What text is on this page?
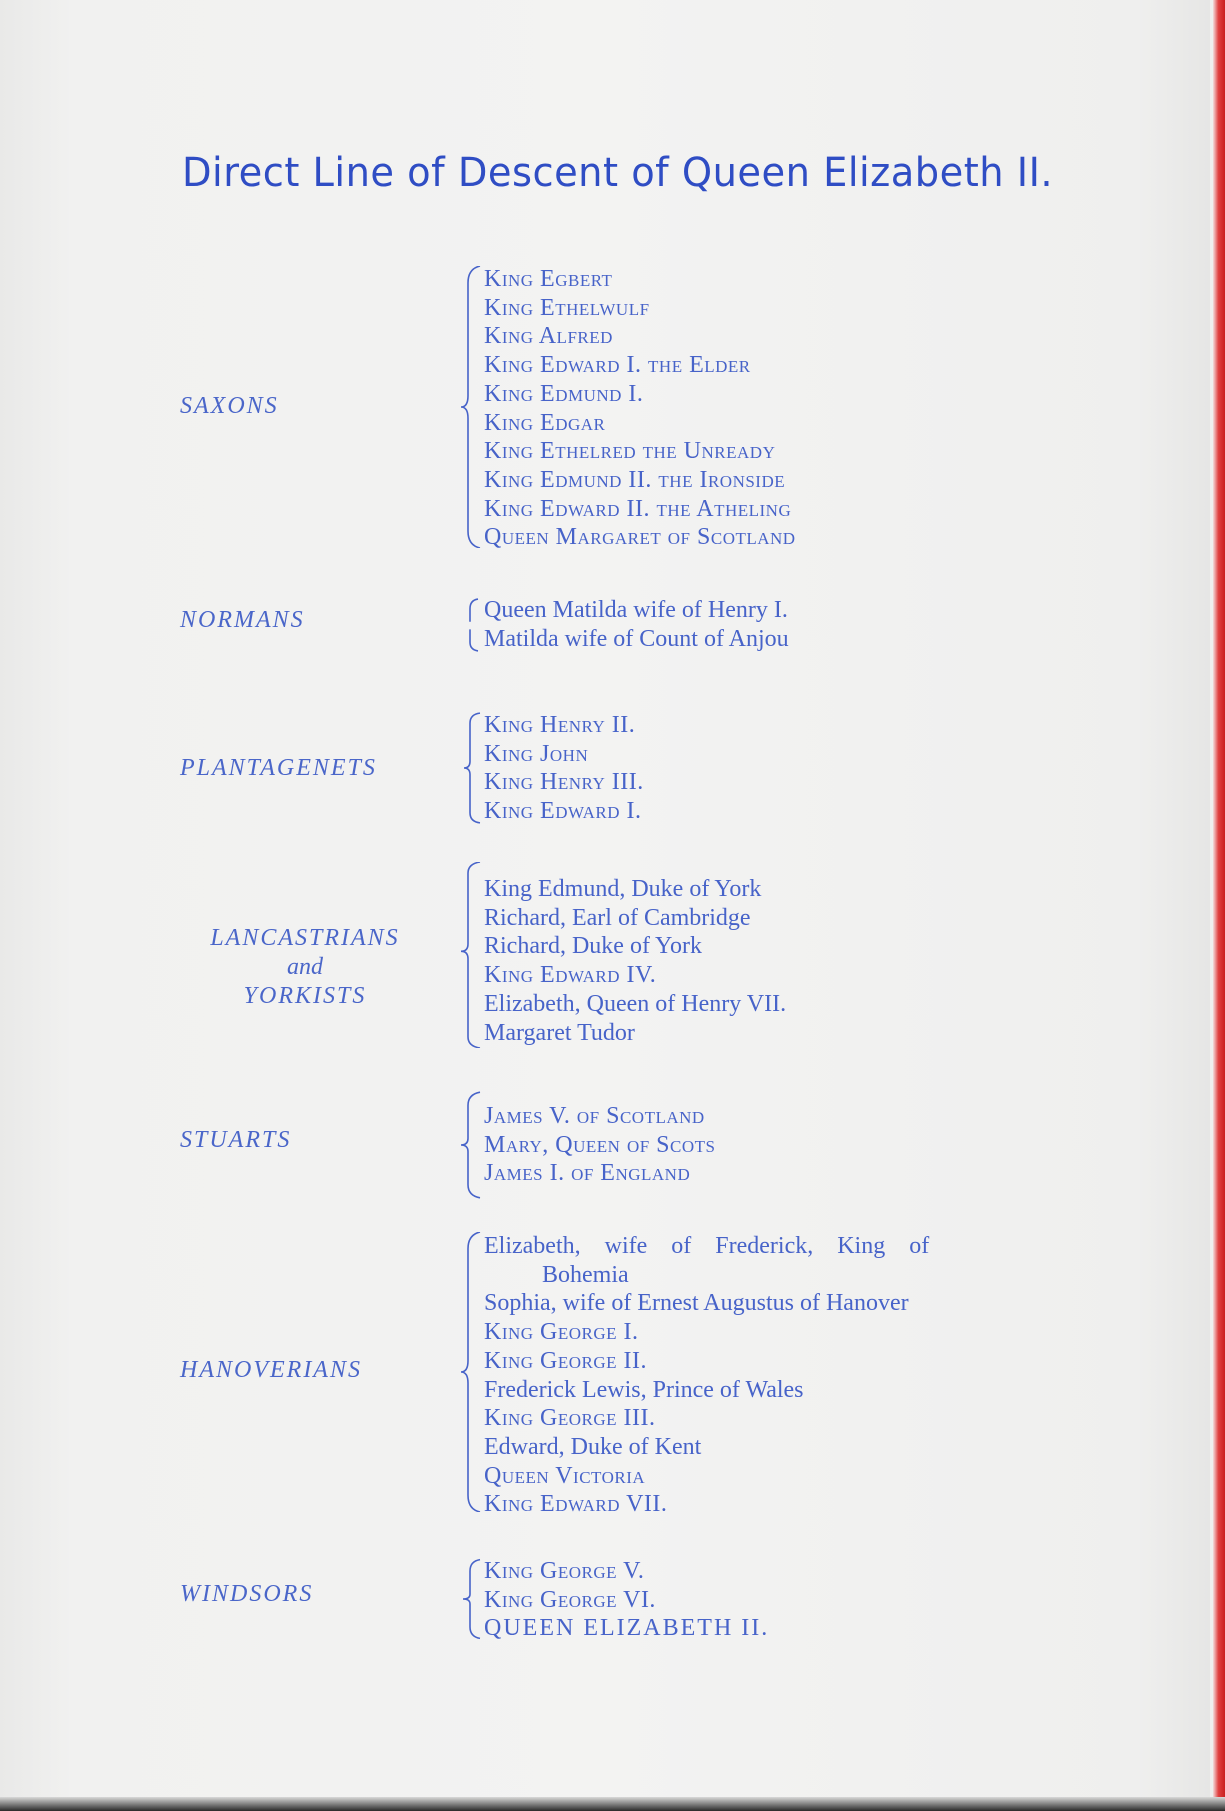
Direct Line of Descent of Queen Elizabeth II.
SAXONS
King Egbert
King Ethelwulf
King Alfred
King Edward I. the Elder
King Edmund I.
King Edgar
King Ethelred the Unready
King Edmund II. the Ironside
King Edward II. the Atheling
Queen Margaret of Scotland
NORMANS	Queen Matilda wife of Henry I.
Matilda wife of Count of Anjou
PLANTAGENETS
King Henry II.
King John
King Henry III.
King Edward I.
LANCASTRIANS
and
YORKISTS
King Edmund, Duke of York
Richard, Earl of Cambridge
Richard, Duke of York
King Edward IV.
Elizabeth, Queen of Henry VII.
Margaret Tudor
STUARTS
James V. of Scotland
Mary, Queen of Scots
James I. of England
HANOVERIANS
Elizabeth, wife of Frederick, King of
Bohemia
Sophia, wife of Ernest Augustus of Hanover
King George I.
King George II.
Frederick Lewis, Prince of Wales
King George III.
Edward, Duke of Kent
Queen Victoria
King Edward VII.
WINDSORS
King George V.
King George VI.
QUEEN ELIZABETH II.
